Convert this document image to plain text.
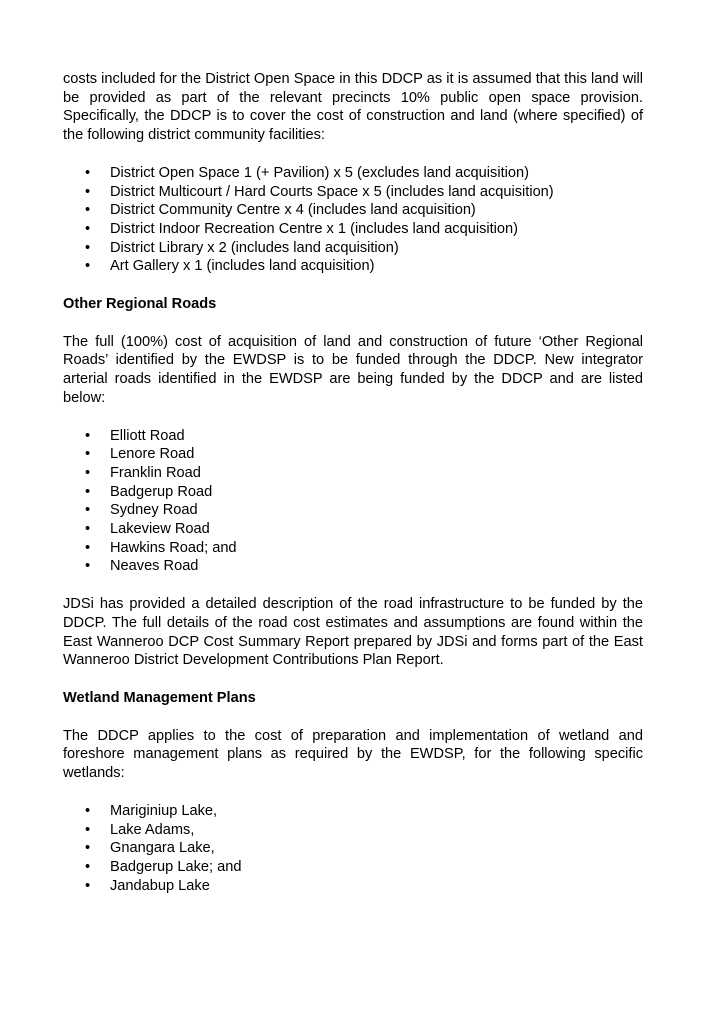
costs included for the District Open Space in this DDCP as it is assumed that this land will be provided as part of the relevant precincts 10% public open space provision. Specifically, the DDCP is to cover the cost of construction and land (where specified) of the following district community facilities:

• District Open Space 1 (+ Pavilion) x 5 (excludes land acquisition)
• District Multicourt / Hard Courts Space x 5 (includes land acquisition)
• District Community Centre x 4 (includes land acquisition)
• District Indoor Recreation Centre x 1 (includes land acquisition)
• District Library x 2 (includes land acquisition)
• Art Gallery x 1 (includes land acquisition)

Other Regional Roads

The full (100%) cost of acquisition of land and construction of future ‘Other Regional Roads’ identified by the EWDSP is to be funded through the DDCP. New integrator arterial roads identified in the EWDSP are being funded by the DDCP and are listed below:

• Elliott Road
• Lenore Road
• Franklin Road
• Badgerup Road
• Sydney Road
• Lakeview Road
• Hawkins Road; and
• Neaves Road

JDSi has provided a detailed description of the road infrastructure to be funded by the DDCP. The full details of the road cost estimates and assumptions are found within the East Wanneroo DCP Cost Summary Report prepared by JDSi and forms part of the East Wanneroo District Development Contributions Plan Report.

Wetland Management Plans

The DDCP applies to the cost of preparation and implementation of wetland and foreshore management plans as required by the EWDSP, for the following specific wetlands:

• Mariginiup Lake,
• Lake Adams,
• Gnangara Lake,
• Badgerup Lake; and
• Jandabup Lake
